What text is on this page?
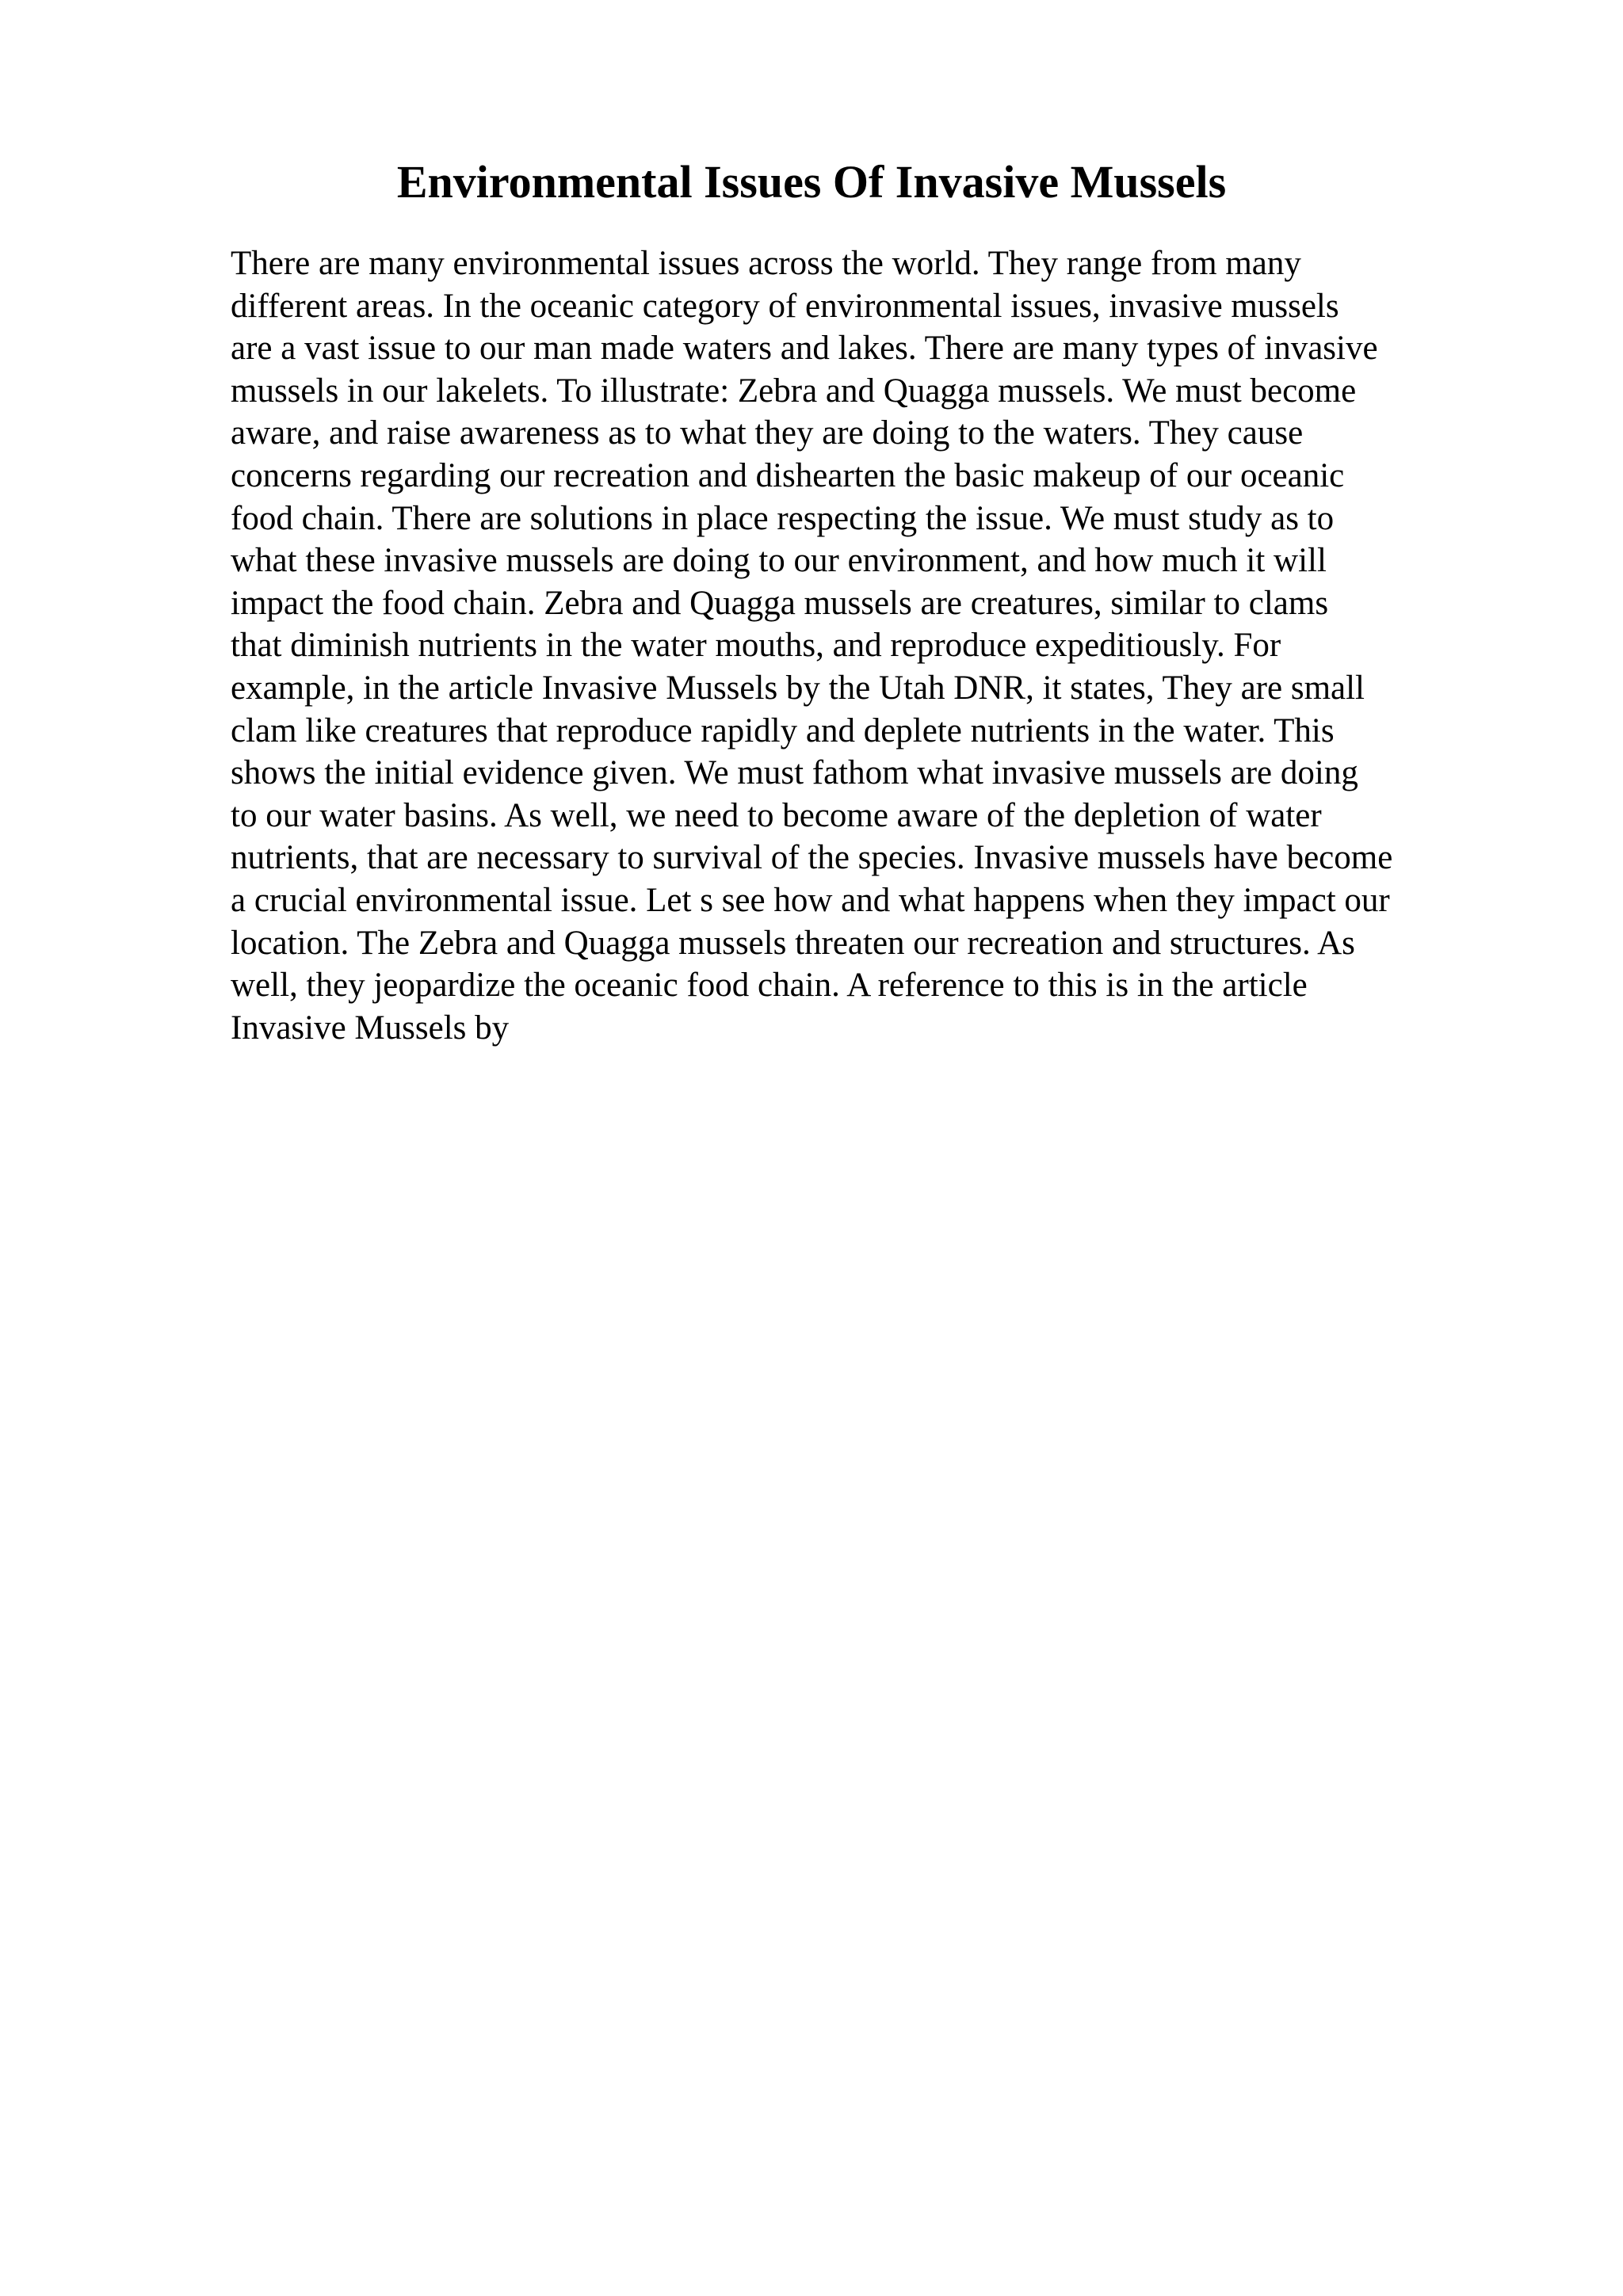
Environmental Issues Of Invasive Mussels
There are many environmental issues across the world. They range from many
different areas. In the oceanic category of environmental issues, invasive mussels
are a vast issue to our man made waters and lakes. There are many types of invasive
mussels in our lakelets. To illustrate: Zebra and Quagga mussels. We must become
aware, and raise awareness as to what they are doing to the waters. They cause
concerns regarding our recreation and dishearten the basic makeup of our oceanic
food chain. There are solutions in place respecting the issue. We must study as to
what these invasive mussels are doing to our environment, and how much it will
impact the food chain. Zebra and Quagga mussels are creatures, similar to clams
that diminish nutrients in the water mouths, and reproduce expeditiously. For
example, in the article Invasive Mussels by the Utah DNR, it states, They are small
clam like creatures that reproduce rapidly and deplete nutrients in the water. This
shows the initial evidence given. We must fathom what invasive mussels are doing
to our water basins. As well, we need to become aware of the depletion of water
nutrients, that are necessary to survival of the species. Invasive mussels have become
a crucial environmental issue. Let s see how and what happens when they impact our
location. The Zebra and Quagga mussels threaten our recreation and structures. As
well, they jeopardize the oceanic food chain. A reference to this is in the article
Invasive Mussels by
